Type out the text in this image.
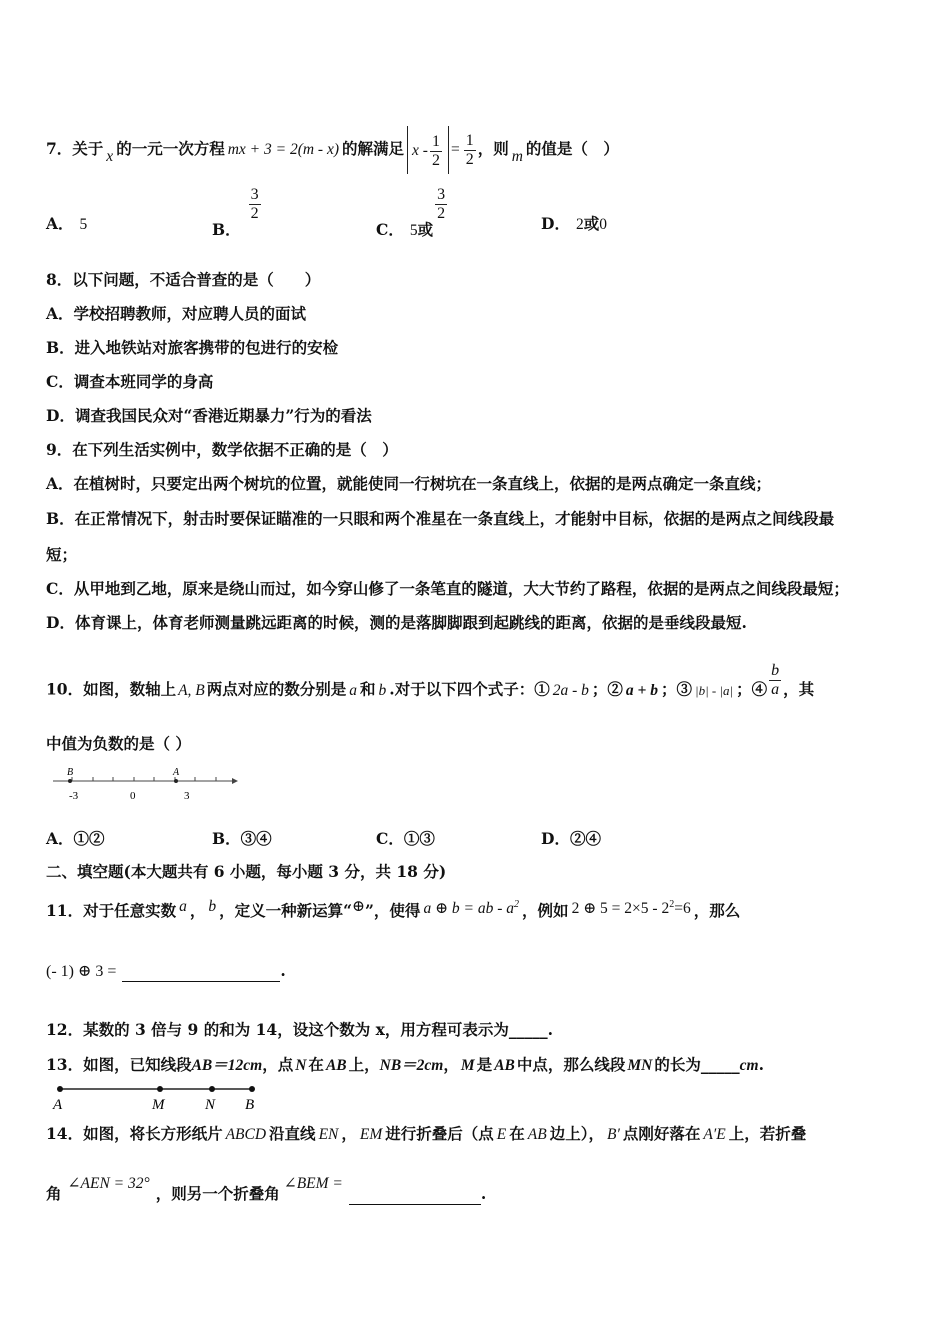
7．关于 x 的一元一次方程 mx + 3 = 2(m - x) 的解满足 $x - \frac{1}{2} = \frac{1}{2}$ ，则 m 的值是（　）
A． 5	B．
$\frac{3}{2}$
C． 5或
$\frac{3}{2}$
D． 2或0
8．以下问题，不适合普查的是（　　）
A．学校招聘教师，对应聘人员的面试
B．进入地铁站对旅客携带的包进行的安检
C．调查本班同学的身高
D．调查我国民众对“香港近期暴力”行为的看法
9．在下列生活实例中，数学依据不正确的是（　）
A．在植树时，只要定出两个树坑的位置，就能使同一行树坑在一条直线上，依据的是两点确定一条直线；
B．在正常情况下，射击时要保证瞄准的一只眼和两个准星在一条直线上，才能射中目标，依据的是两点之间线段最
短；
C．从甲地到乙地，原来是绕山而过，如今穿山修了一条笔直的隧道，大大节约了路程，依据的是两点之间线段最短；
D．体育课上，体育老师测量跳远距离的时候，测的是落脚脚跟到起跳线的距离，依据的是垂线段最短.
10．如图，数轴上 A, B 两点对应的数分别是 a 和 b .对于以下四个式子：① 2a - b ；② a + b ；③ |b| - |a| ；④ $\frac{b}{a}$ ，其
中值为负数的是（ ）
B	A
-3	0	3
A．①②	B．③④	C．①③	D．②④
二、填空题(本大题共有 6 小题，每小题 3 分，共 18 分)
11．对于任意实数 a ， b ，定义一种新运算“⊕”，使得 a ⊕ b = ab - $a^2$ ，例如 2 ⊕ $5 = 2\times 5 - 2^2=6$ ，那么
(- 1) ⊕ 3 =	.
12．某数的 3 倍与 9 的和为 14，设这个数为 x，用方程可表示为_____.
13．如图，已知线段AB＝12cm，点 N 在 AB 上，NB＝2cm， M 是 AB 中点，那么线段 MN 的长为_____cm.
A	M	N B
14．如图，将长方形纸片 ABCD 沿直线 EN ， EM 进行折叠后（点 E 在 AB 边上）， B′ 点刚好落在 A′E 上，若折叠
角∠AEN = 32°，则另一个折叠角∠BEM =.
